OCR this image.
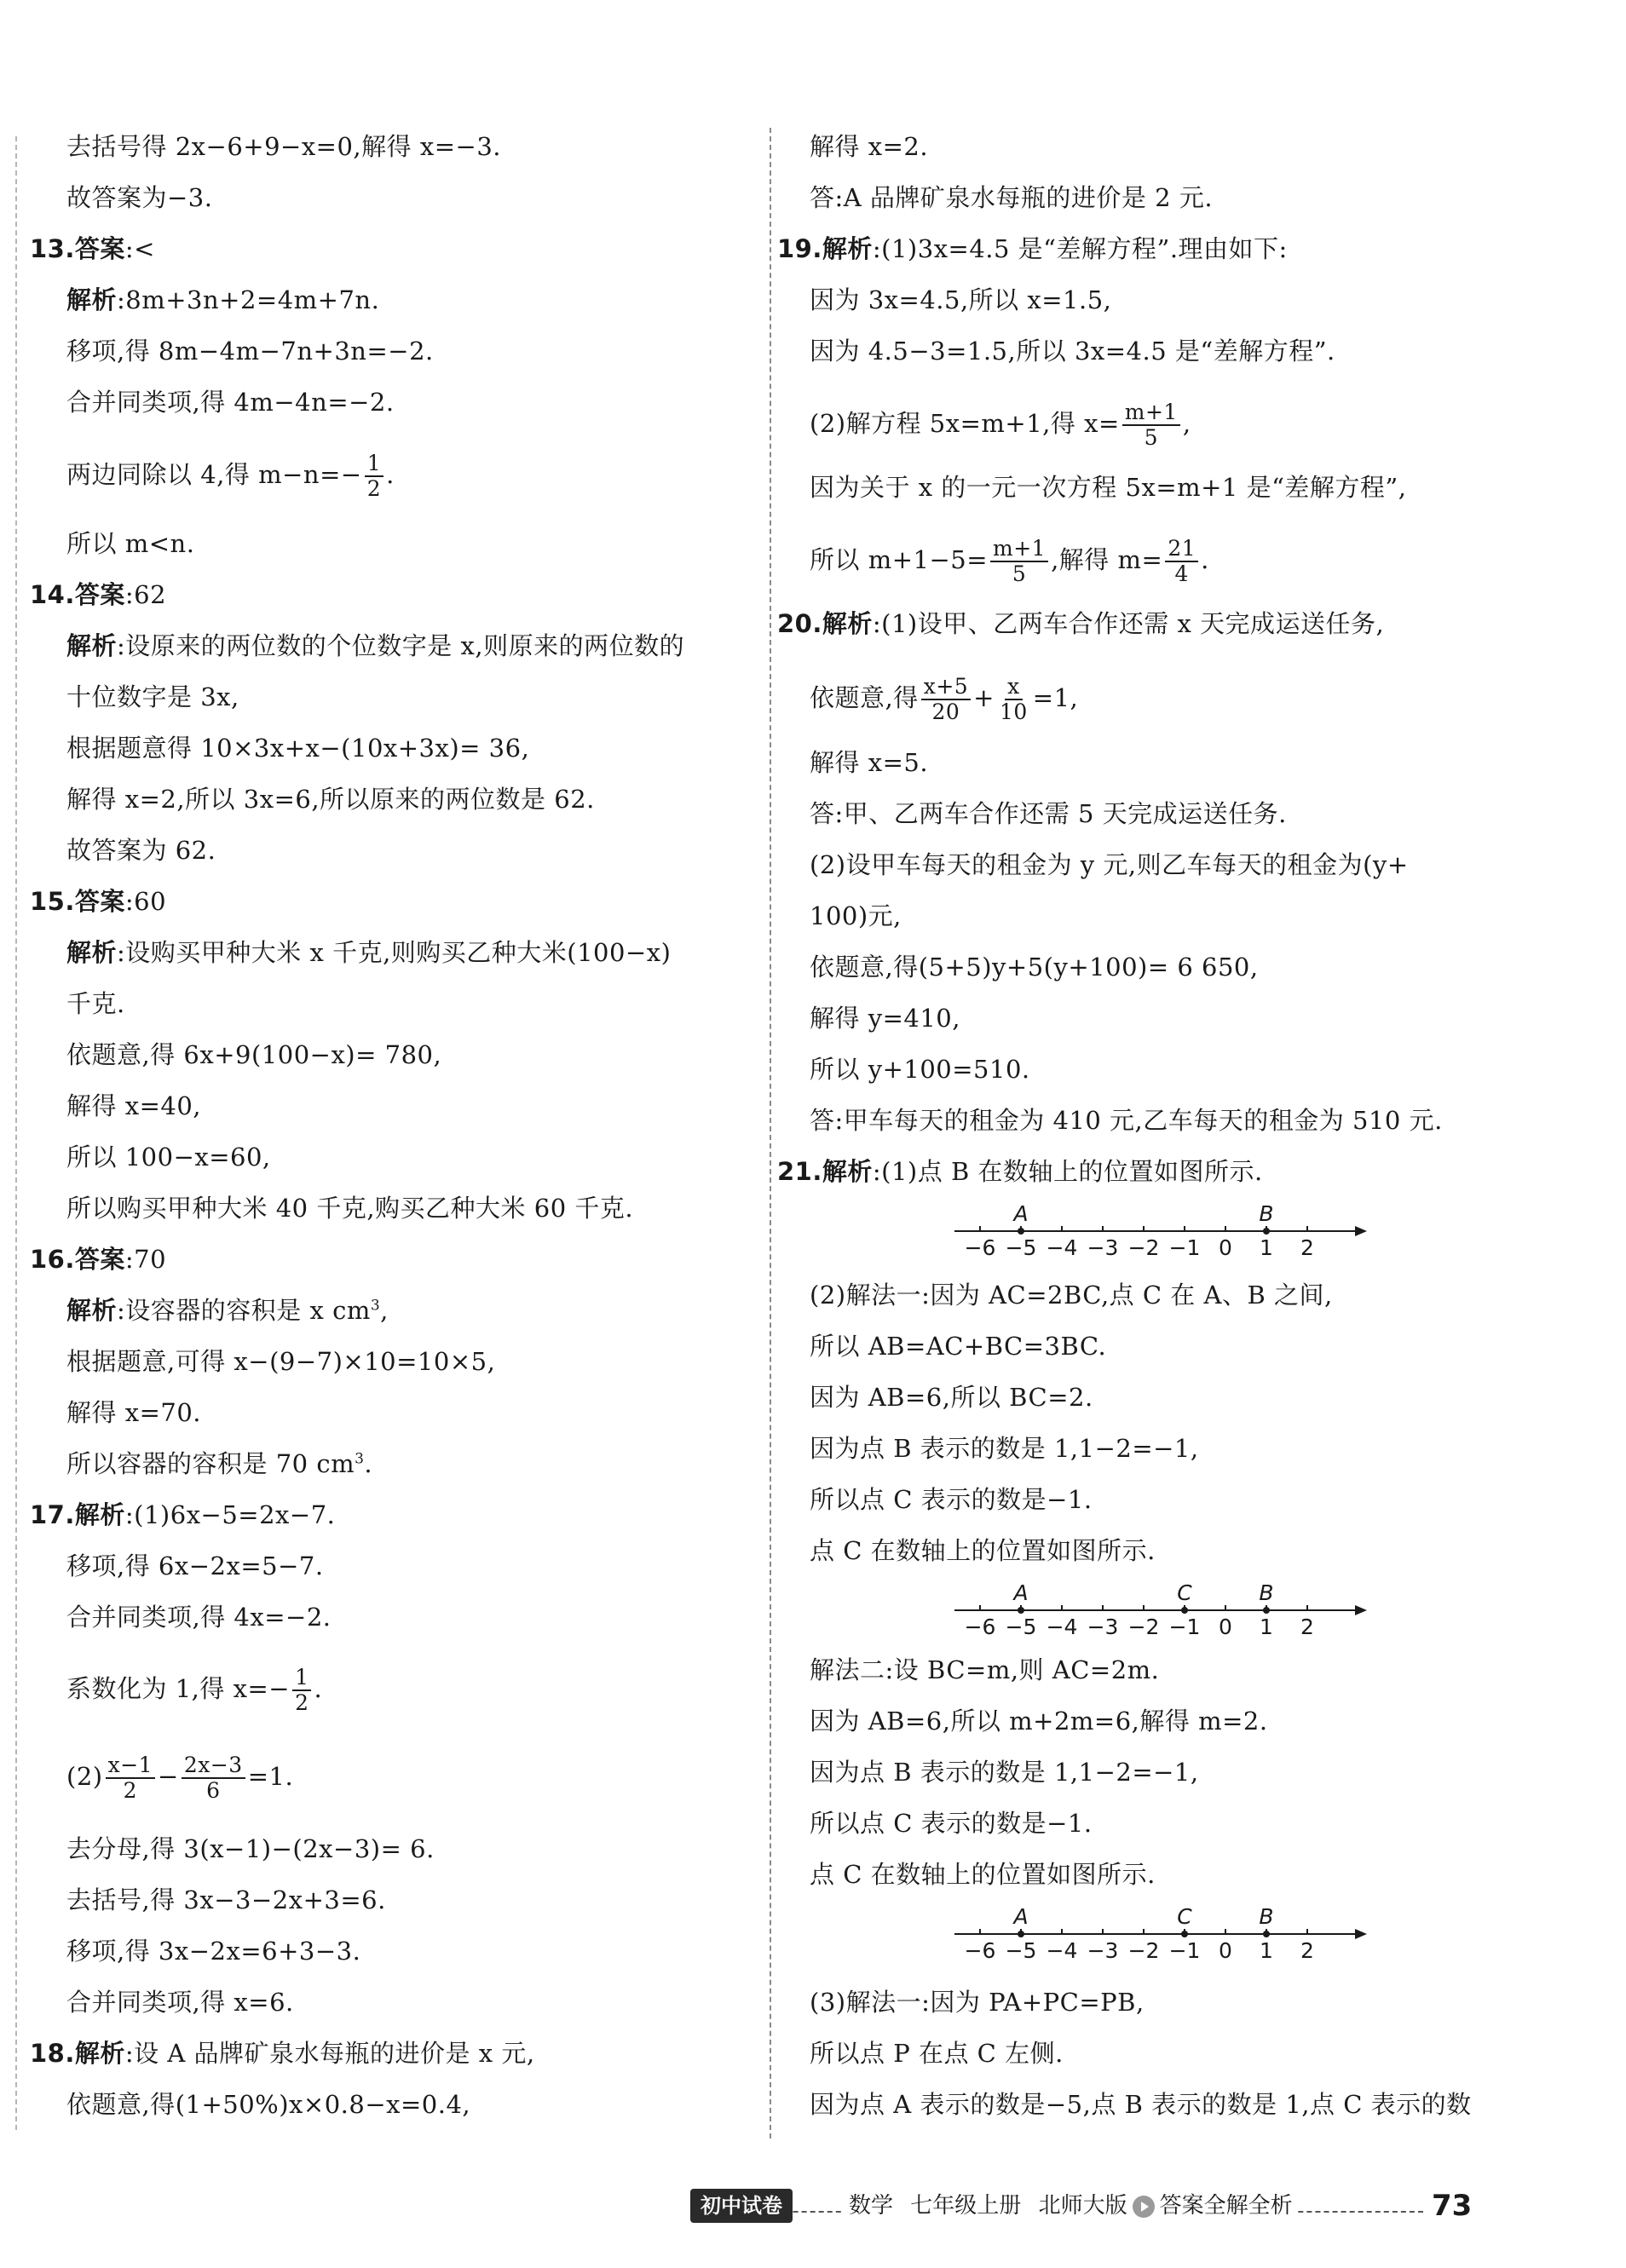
去括号得 2x−6+9−x=0,解得 x=−3.
故答案为−3.
13.答案:<
解析:8m+3n+2=4m+7n.
移项,得 8m−4m−7n+3n=−2.
合并同类项,得 4m−4n=−2.
两边同除以 4,得 $m-n=- \frac{1}{2}$ .
所以 m<n.
14.答案:62
解析:设原来的两位数的个位数字是 x,则原来的两位数的
十位数字是 3x,
根据题意得 10×3x+x−(10x+3x)= 36,
解得 x=2,所以 3x=6,所以原来的两位数是 62.
故答案为 62.
15.答案:60
解析:设购买甲种大米 x 千克,则购买乙种大米(100−x)
千克.
依题意,得 6x+9(100−x)= 780,
解得 x=40,
所以 100−x=60,
所以购买甲种大米 40 千克,购买乙种大米 60 千克.
16.答案:70
解析:设容器的容积是 x $cm^3$,
根据题意,可得 x−(9−7)×10=10×5,
解得 x=70.
所以容器的容积是 70 $cm^3$.
17.解析:(1)6x−5=2x−7.
移项,得 6x−2x=5−7.
合并同类项,得 4x=−2.
系数化为 1,得 $x=- \frac{1}{2}$ .
$(2) \frac{x-1}{2} - \frac{2x-3}{6} =1$.
去分母,得 3(x−1)−(2x−3)= 6.
去括号,得 3x−3−2x+3=6.
移项,得 3x−2x=6+3−3.
合并同类项,得 x=6.
18.解析:设 A 品牌矿泉水每瓶的进价是 x 元,
依题意,得(1+50%)x×0.8−x=0.4,
解得 x=2.
答:A 品牌矿泉水每瓶的进价是 2 元.
19.解析:(1)3x=4.5 是“差解方程”.理由如下:
因为 3x=4.5,所以 x=1.5,
因为 4.5−3=1.5,所以 3x=4.5 是“差解方程”.
(2)解方程 5x=m+1,得 $x= \frac{m+1}{5}$ ,
因为关于 x 的一元一次方程 5x=m+1 是“差解方程”,
所以 $m+1-5= \frac{m+1}{5}$ ,解得 $m= \frac{21}{4}$ .
20.解析:(1)设甲、乙两车合作还需 x 天完成运送任务,
依题意,得 $\frac{x+5}{20} + \frac{x}{10} =1$,
解得 x=5.
答:甲、乙两车合作还需 5 天完成运送任务.
(2)设甲车每天的租金为 y 元,则乙车每天的租金为(y+
100)元,
依题意,得(5+5)y+5(y+100)= 6 650,
解得 y=410,
所以 y+100=510.
答:甲车每天的租金为 410 元,乙车每天的租金为 510 元.
21.解析:(1)点 B 在数轴上的位置如图所示.
−6 −5 −4 −3 −2 −1 0 1 2
A	B
(2)解法一:因为 AC=2BC,点 C 在 A、B 之间,
所以 AB=AC+BC=3BC.
因为 AB=6,所以 BC=2.
因为点 B 表示的数是 1,1−2=−1,
所以点 C 表示的数是−1.
点 C 在数轴上的位置如图所示.
−6 −5 −4 −3 −2 −1 0 1 2
A	C	B
解法二:设 BC=m,则 AC=2m.
因为 AB=6,所以 m+2m=6,解得 m=2.
因为点 B 表示的数是 1,1−2=−1,
所以点 C 表示的数是−1.
点 C 在数轴上的位置如图所示.
−6 −5 −4 −3 −2 −1 0 1 2
A	C	B
(3)解法一:因为 PA+PC=PB,
所以点 P 在点 C 左侧.
因为点 A 表示的数是−5,点 B 表示的数是 1,点 C 表示的数
初中试卷	数学 七年级上册 北师大版 答案全解全析	73
